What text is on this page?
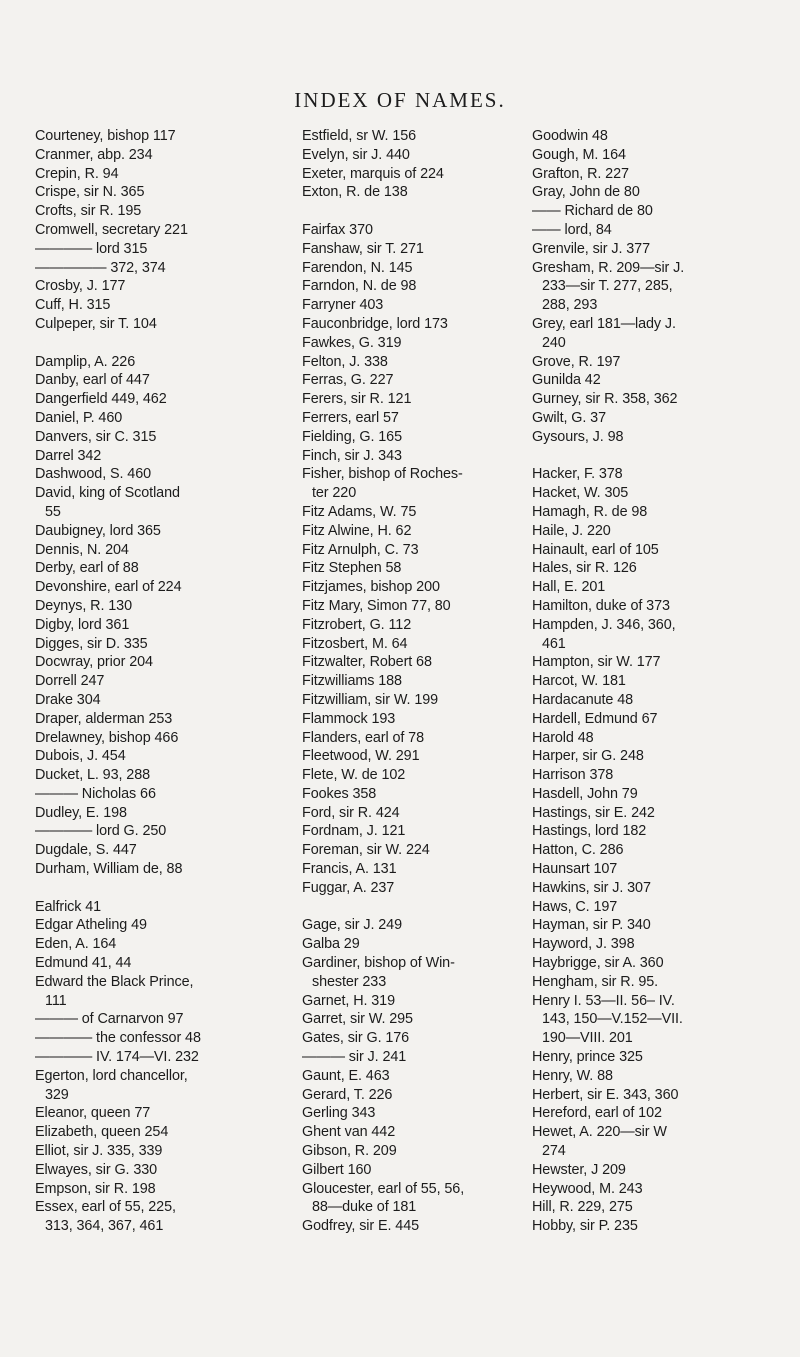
INDEX OF NAMES.
Courteney, bishop 117
Cranmer, abp. 234
Crepin, R. 94
Crispe, sir N. 365
Crofts, sir R. 195
Cromwell, secretary 221
———— lord 315
————— 372, 374
Crosby, J. 177
Cuff, H. 315
Culpeper, sir T. 104
Damplip, A. 226
Danby, earl of 447
Dangerfield 449, 462
Daniel, P. 460
Danvers, sir C. 315
Darrel 342
Dashwood, S. 460
David, king of Scotland
55
Daubigney, lord 365
Dennis, N. 204
Derby, earl of 88
Devonshire, earl of 224
Deynys, R. 130
Digby, lord 361
Digges, sir D. 335
Docwray, prior 204
Dorrell 247
Drake 304
Draper, alderman 253
Drelawney, bishop 466
Dubois, J. 454
Ducket, L. 93, 288
——— Nicholas 66
Dudley, E. 198
———— lord G. 250
Dugdale, S. 447
Durham, William de, 88
Ealfrick 41
Edgar Atheling 49
Eden, A. 164
Edmund 41, 44
Edward the Black Prince,
111
——— of Carnarvon 97
———— the confessor 48
———— IV. 174—VI. 232
Egerton, lord chancellor,
329
Eleanor, queen 77
Elizabeth, queen 254
Elliot, sir J. 335, 339
Elwayes, sir G. 330
Empson, sir R. 198
Essex, earl of 55, 225,
313, 364, 367, 461
Estfield, sr W. 156
Evelyn, sir J. 440
Exeter, marquis of 224
Exton, R. de 138
Fairfax 370
Fanshaw, sir T. 271
Farendon, N. 145
Farndon, N. de 98
Farryner 403
Fauconbridge, lord 173
Fawkes, G. 319
Felton, J. 338
Ferras, G. 227
Ferers, sir R. 121
Ferrers, earl 57
Fielding, G. 165
Finch, sir J. 343
Fisher, bishop of Roches-
ter 220
Fitz Adams, W. 75
Fitz Alwine, H. 62
Fitz Arnulph, C. 73
Fitz Stephen 58
Fitzjames, bishop 200
Fitz Mary, Simon 77, 80
Fitzrobert, G. 112
Fitzosbert, M. 64
Fitzwalter, Robert 68
Fitzwilliams 188
Fitzwilliam, sir W. 199
Flammock 193
Flanders, earl of 78
Fleetwood, W. 291
Flete, W. de 102
Fookes 358
Ford, sir R. 424
Fordnam, J. 121
Foreman, sir W. 224
Francis, A. 131
Fuggar, A. 237
Gage, sir J. 249
Galba 29
Gardiner, bishop of Win-
shester 233
Garnet, H. 319
Garret, sir W. 295
Gates, sir G. 176
——— sir J. 241
Gaunt, E. 463
Gerard, T. 226
Gerling 343
Ghent van 442
Gibson, R. 209
Gilbert 160
Gloucester, earl of 55, 56,
88—duke of 181
Godfrey, sir E. 445
Goodwin 48
Gough, M. 164
Grafton, R. 227
Gray, John de 80
—— Richard de 80
—— lord, 84
Grenvile, sir J. 377
Gresham, R. 209—sir J.
233—sir T. 277, 285,
288, 293
Grey, earl 181—lady J.
240
Grove, R. 197
Gunilda 42
Gurney, sir R. 358, 362
Gwilt, G. 37
Gysours, J. 98
Hacker, F. 378
Hacket, W. 305
Hamagh, R. de 98
Haile, J. 220
Hainault, earl of 105
Hales, sir R. 126
Hall, E. 201
Hamilton, duke of 373
Hampden, J. 346, 360,
461
Hampton, sir W. 177
Harcot, W. 181
Hardacanute 48
Hardell, Edmund 67
Harold 48
Harper, sir G. 248
Harrison 378
Hasdell, John 79
Hastings, sir E. 242
Hastings, lord 182
Hatton, C. 286
Haunsart 107
Hawkins, sir J. 307
Haws, C. 197
Hayman, sir P. 340
Hayword, J. 398
Haybrigge, sir A. 360
Hengham, sir R. 95.
Henry I. 53—II. 56– IV.
143, 150—V.152—VII.
190—VIII. 201
Henry, prince 325
Henry, W. 88
Herbert, sir E. 343, 360
Hereford, earl of 102
Hewet, A. 220—sir W
274
Hewster, J 209
Heywood, M. 243
Hill, R. 229, 275
Hobby, sir P. 235
